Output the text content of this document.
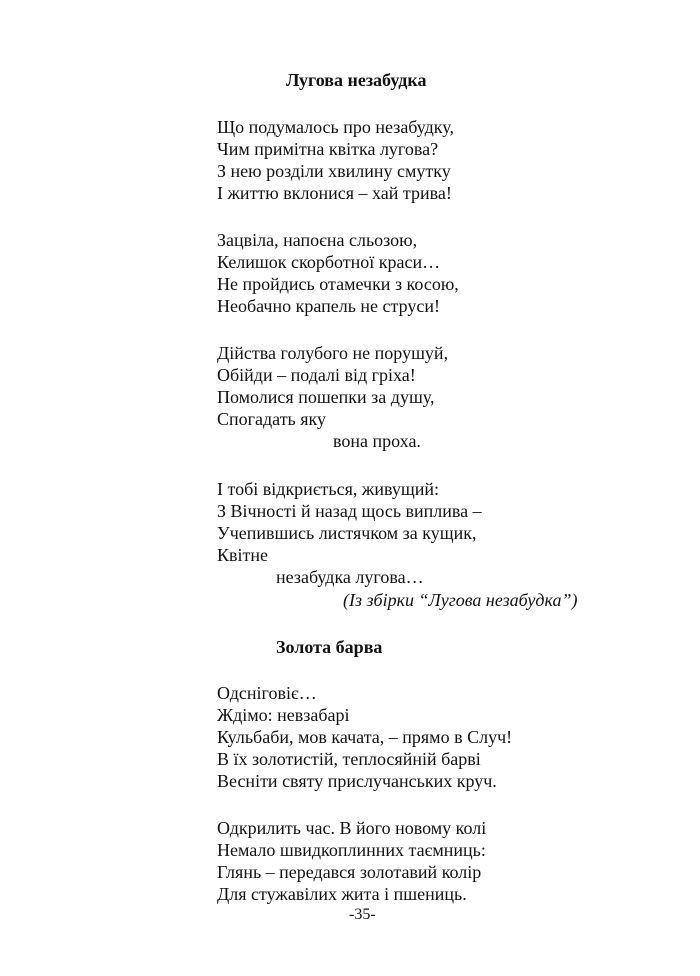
Лугова незабудка
Що подумалось про незабудку,
Чим примітна квітка лугова?
З нею розділи хвилину смутку
І життю вклонися – хай трива!
Зацвіла, напоєна сльозою,
Келишок скорботної краси…
Не пройдись отамечки з косою,
Необачно крапель не струси!
Дійства голубого не порушуй,
Обійди – подалі від гріха!
Помолися пошепки за душу,
Спогадать яку
вона проха.
І тобі відкриється, живущий:
З Вічності й назад щось виплива –
Учепившись листячком за кущик,
Квітне
незабудка лугова…
(Із збірки “Лугова незабудка”)
Золота барва
Одсніговіє…
Ждімо: невзабарі
Кульбаби, мов качата, – прямо в Случ!
В їх золотистій, теплосяйній барві
Весніти святу прислучанських круч.
Одкрилить час. В його новому колі
Немало швидкоплинних таємниць:
Глянь – передався золотавий колір
Для стужавілих жита і пшениць.
-35-
